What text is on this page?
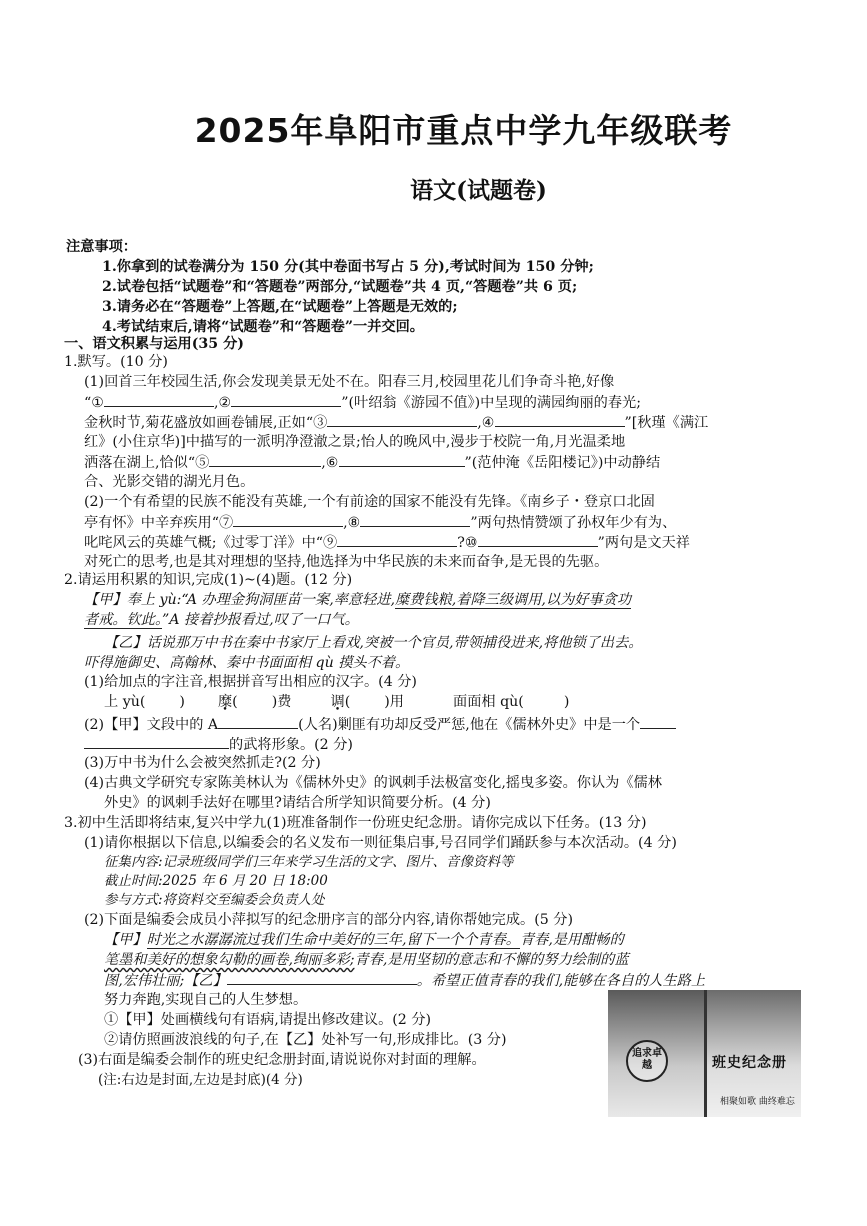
2025年阜阳市重点中学九年级联考
语文(试题卷)
注意事项：
1.你拿到的试卷满分为 150 分(其中卷面书写占 5 分),考试时间为 150 分钟;
2.试卷包括“试题卷”和“答题卷”两部分,“试题卷”共 4 页,“答题卷”共 6 页;
3.请务必在“答题卷”上答题,在“试题卷”上答题是无效的;
4.考试结束后,请将“试题卷”和“答题卷”一并交回。
一、语文积累与运用(35 分)
1.默写。(10 分)
(1)回首三年校园生活,你会发现美景无处不在。阳春三月,校园里花儿们争奇斗艳,好像
“①	,②	”(叶绍翁《游园不值》)中呈现的满园绚丽的春光;
金秋时节,菊花盛放如画卷铺展,正如“③	,④	”[秋瑾《满江
红》(小住京华)]中描写的一派明净澄澈之景;怡人的晚风中,漫步于校院一角,月光温柔地
洒落在湖上,恰似“⑤	,⑥	”(范仲淹《岳阳楼记》)中动静结
合、光影交错的湖光月色。
(2)一个有希望的民族不能没有英雄,一个有前途的国家不能没有先锋。《南乡子・登京口北固
亭有怀》中辛弃疾用“⑦	,⑧	”两句热情赞颂了孙权年少有为、
叱咤风云的英雄气概;《过零丁洋》中“⑨	?⑩	”两句是文天祥
对死亡的思考,也是其对理想的坚持,他选择为中华民族的未来而奋争,是无畏的先驱。
2.请运用积累的知识,完成(1)~(4)题。(12 分)
【甲】奉上 yù:“A 办理金狗洞匪苗一案,率意轻进,糜费钱粮,着降三级调用,以为好事贪功
者戒。钦此。”A 接着抄报看过,叹了一口气。
【乙】话说那万中书在秦中书家厅上看戏,突被一个官员,带领捕役进来,将他锁了出去。
吓得施御史、高翰林、秦中书面面相 qù 摸头不着。
(1)给加点的字注音,根据拼音写出相应的汉字。(4 分)
上 yù( ) 糜( )费	调( )用	面面相 qù(	)
(2)【甲】文段中的 A	(人名)剿匪有功却反受严惩,他在《儒林外史》中是一个
的武将形象。(2 分)
(3)万中书为什么会被突然抓走?(2 分)
(4)古典文学研究专家陈美林认为《儒林外史》的讽刺手法极富变化,摇曳多姿。你认为《儒林
外史》的讽刺手法好在哪里?请结合所学知识简要分析。(4 分)
3.初中生活即将结束,复兴中学九(1)班准备制作一份班史纪念册。请你完成以下任务。(13 分)
(1)请你根据以下信息,以编委会的名义发布一则征集启事,号召同学们踊跃参与本次活动。(4 分)
征集内容:记录班级同学们三年来学习生活的文字、图片、音像资料等
截止时间:2025 年 6 月 20 日 18:00
参与方式:将资料交至编委会负责人处
(2)下面是编委会成员小萍拟写的纪念册序言的部分内容,请你帮她完成。(5 分)
【甲】时光之水潺潺流过我们生命中美好的三年,留下一个个青春。青春,是用酣畅的
笔墨和美好的想象勾勒的画卷,绚丽多彩;青春,是用坚韧的意志和不懈的努力绘制的蓝
图,宏伟壮丽;【乙】	。希望正值青春的我们,能够在各自的人生路上
努力奔跑,实现自己的人生梦想。
①【甲】处画横线句有语病,请提出修改建议。(2 分)
②请仿照画波浪线的句子,在【乙】处补写一句,形成排比。(3 分)
(3)右面是编委会制作的班史纪念册封面,请说说你对封面的理解。
(注:右边是封面,左边是封底)(4 分)
追求卓越	班史纪念册
相聚如歌 曲终难忘
